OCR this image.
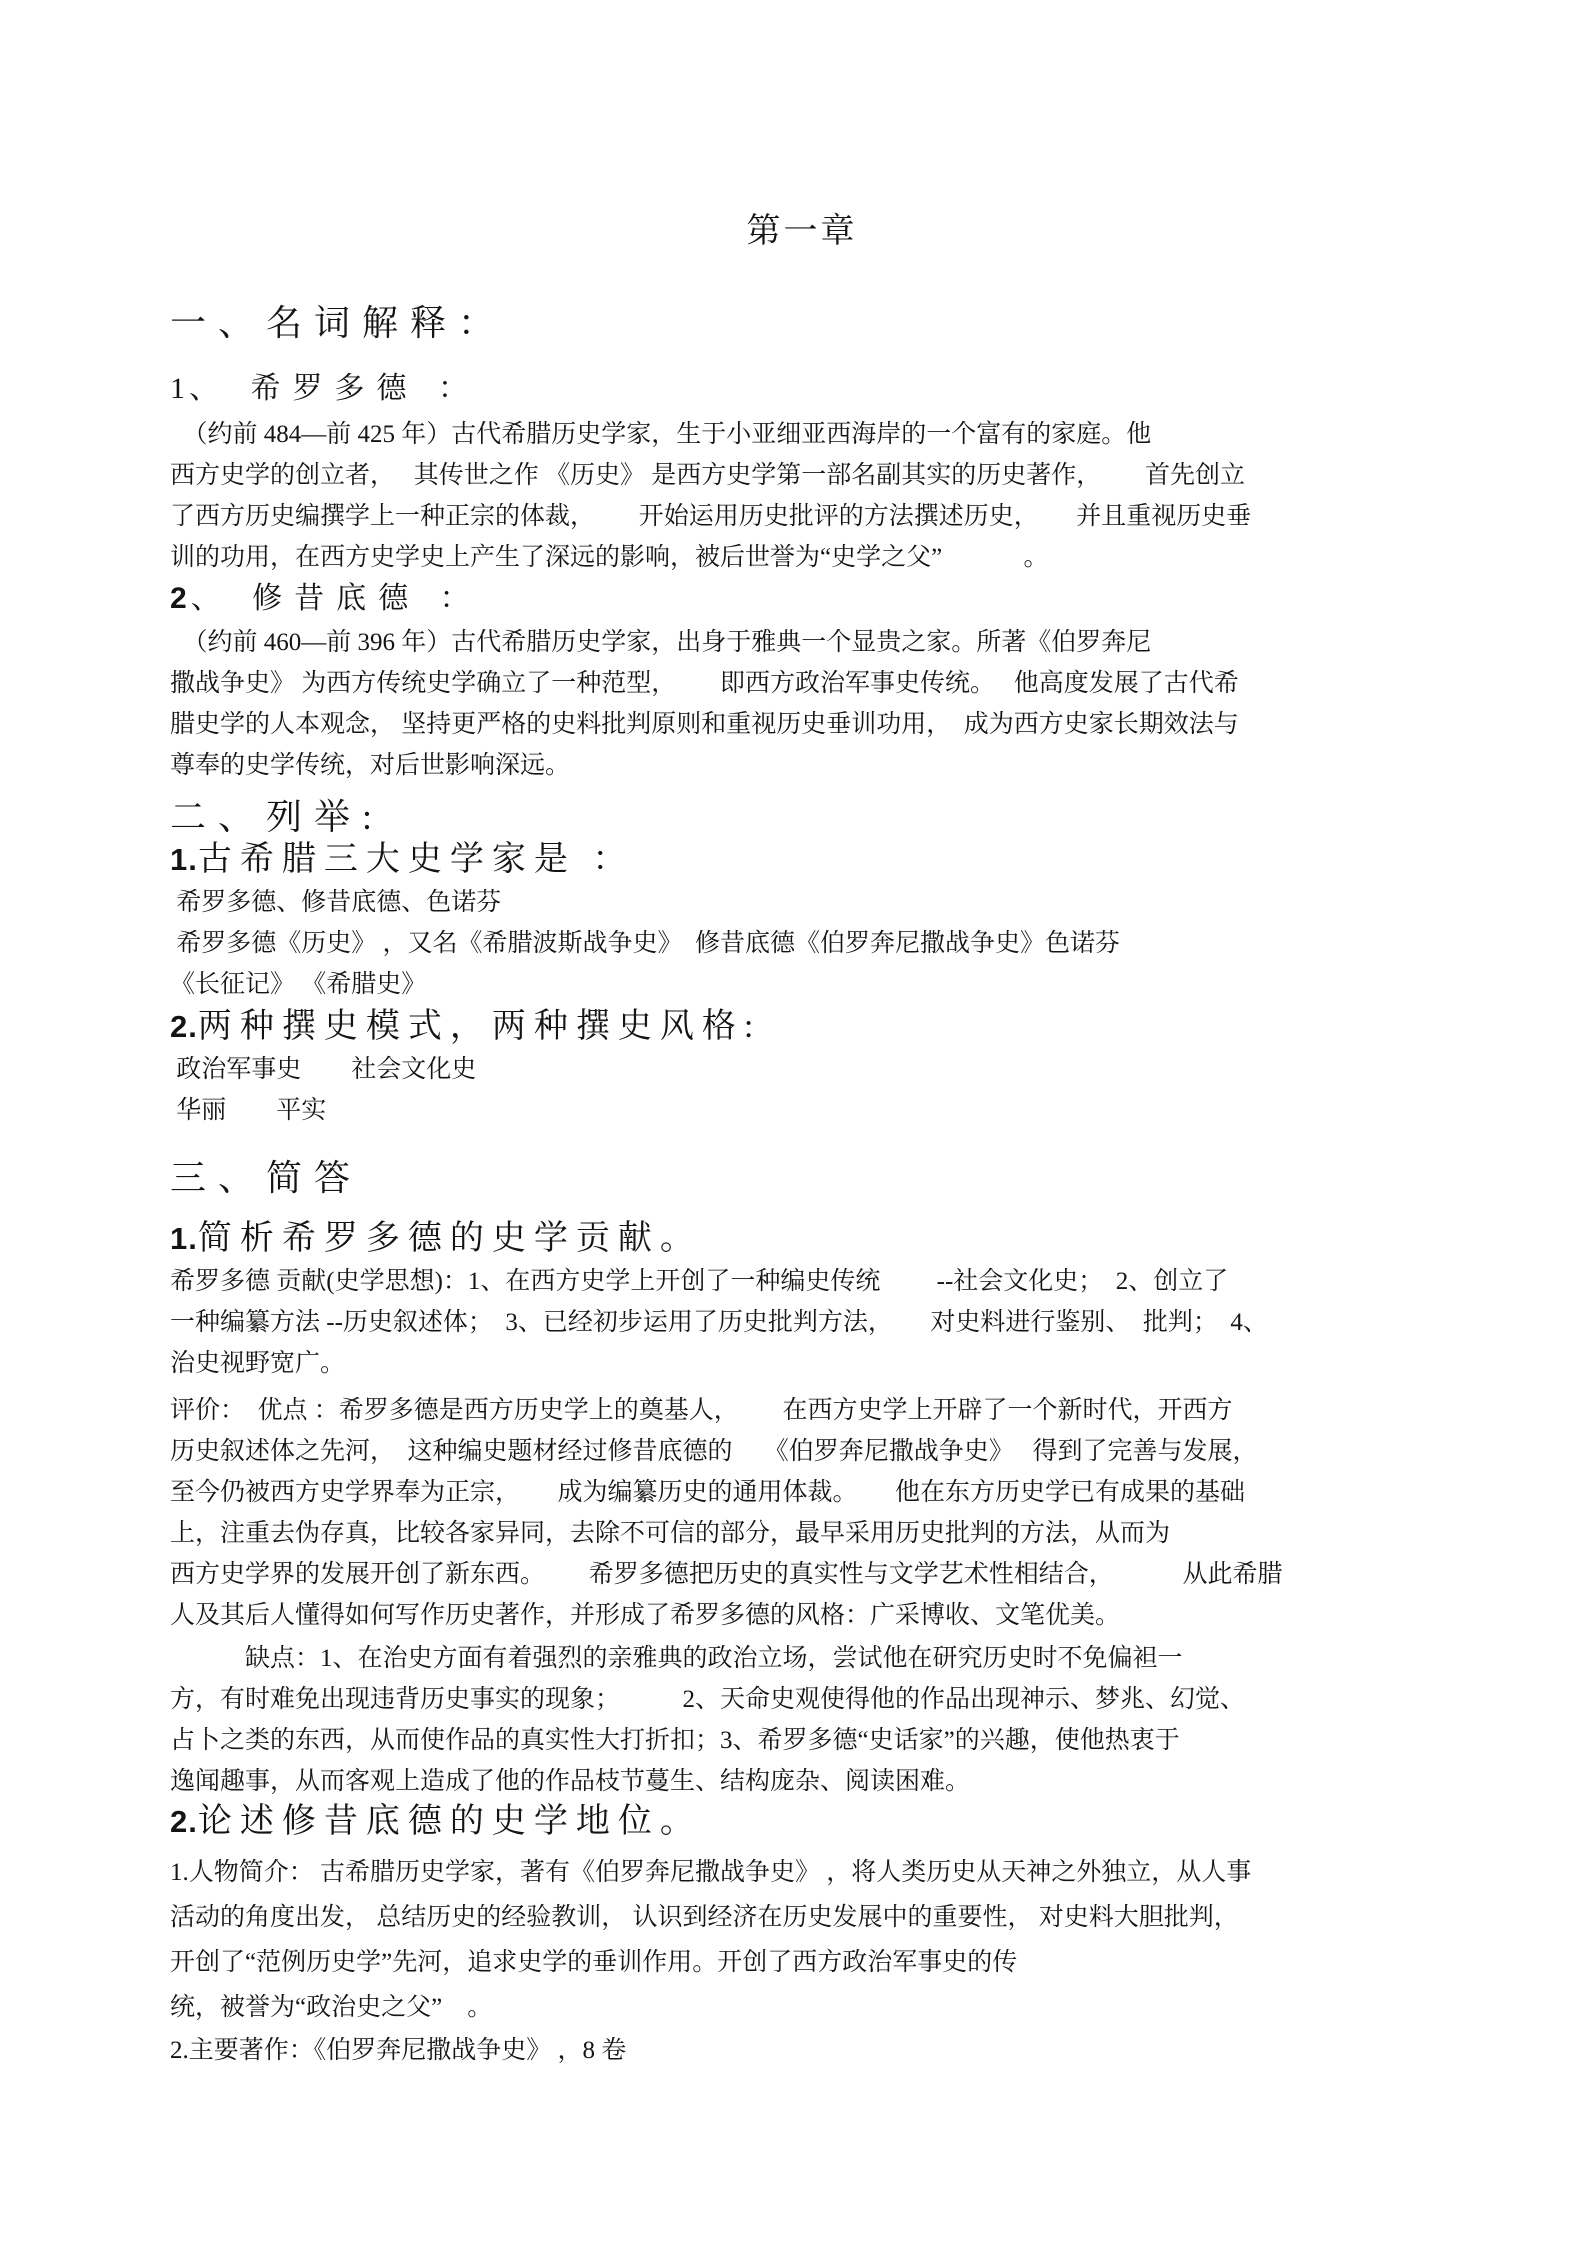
第一章
一、名词解释：
1、 希罗多德 ：
　（约前 484—前 425 年）古代希腊历史学家，生于小亚细亚西海岸的一个富有的家庭。他
西方史学的创立者，　 其传世之作 《历史》 是西方史学第一部名副其实的历史著作，　　 首先创立
了西方历史编撰学上一种正宗的体裁，　　 开始运用历史批评的方法撰述历史，　　并且重视历史垂
训的功用，在西方史学史上产生了深远的影响，被后世誉为“史学之父”　　　 。
2、 修昔底德 ：
　（约前 460—前 396 年）古代希腊历史学家，出身于雅典一个显贵之家。所著《伯罗奔尼
撒战争史》 为西方传统史学确立了一种范型，　　 即西方政治军事史传统。　 他高度发展了古代希
腊史学的人本观念， 坚持更严格的史料批判原则和重视历史垂训功用，　成为西方史家长期效法与
尊奉的史学传统，对后世影响深远。
二、列举:
1.古希腊三大史学家是 ：
希罗多德、修昔底德、色诺芬
希罗多德《历史》 ，又名《希腊波斯战争史》　修昔底德《伯罗奔尼撒战争史》色诺芬
《长征记》 《希腊史》
2.两种撰史模式，两种撰史风格:
政治军事史　　社会文化史
华丽　　平实
三、简答
1.简析希罗多德的史学贡献。
希罗多德 贡献(史学思想)：1、在西方史学上开创了一种编史传统　　 --社会文化史；　2、创立了
一种编纂方法 --历史叙述体；　3、已经初步运用了历史批判方法，　　对史料进行鉴别、　批判；　4、
治史视野宽广。
评价：　优点 ：希罗多德是西方历史学上的奠基人，　　 在西方史学上开辟了一个新时代，开西方
历史叙述体之先河，　这种编史题材经过修昔底德的　 《伯罗奔尼撒战争史》　 得到了完善与发展，
至今仍被西方史学界奉为正宗，　　成为编纂历史的通用体裁。　　他在东方历史学已有成果的基础
上，注重去伪存真，比较各家异同，去除不可信的部分，最早采用历史批判的方法，从而为
西方史学界的发展开创了新东西。　　 希罗多德把历史的真实性与文学艺术性相结合，　　　 从此希腊
人及其后人懂得如何写作历史著作，并形成了希罗多德的风格：广采博收、文笔优美。
　　　缺点：1、在治史方面有着强烈的亲雅典的政治立场，尝试他在研究历史时不免偏袒一
方，有时难免出现违背历史事实的现象；　　　2、天命史观使得他的作品出现神示、梦兆、幻觉、
占卜之类的东西，从而使作品的真实性大打折扣；3、希罗多德“史话家”的兴趣，使他热衷于
逸闻趣事，从而客观上造成了他的作品枝节蔓生、结构庞杂、阅读困难。
2.论述修昔底德的史学地位。
1.人物简介： 古希腊历史学家，著有《伯罗奔尼撒战争史》 ，将人类历史从天神之外独立，从人事
活动的角度出发， 总结历史的经验教训， 认识到经济在历史发展中的重要性， 对史料大胆批判，
开创了“范例历史学”先河，追求史学的垂训作用。开创了西方政治军事史的传
统，被誉为“政治史之父”　。
2.主要著作：《伯罗奔尼撒战争史》 ，8 卷
